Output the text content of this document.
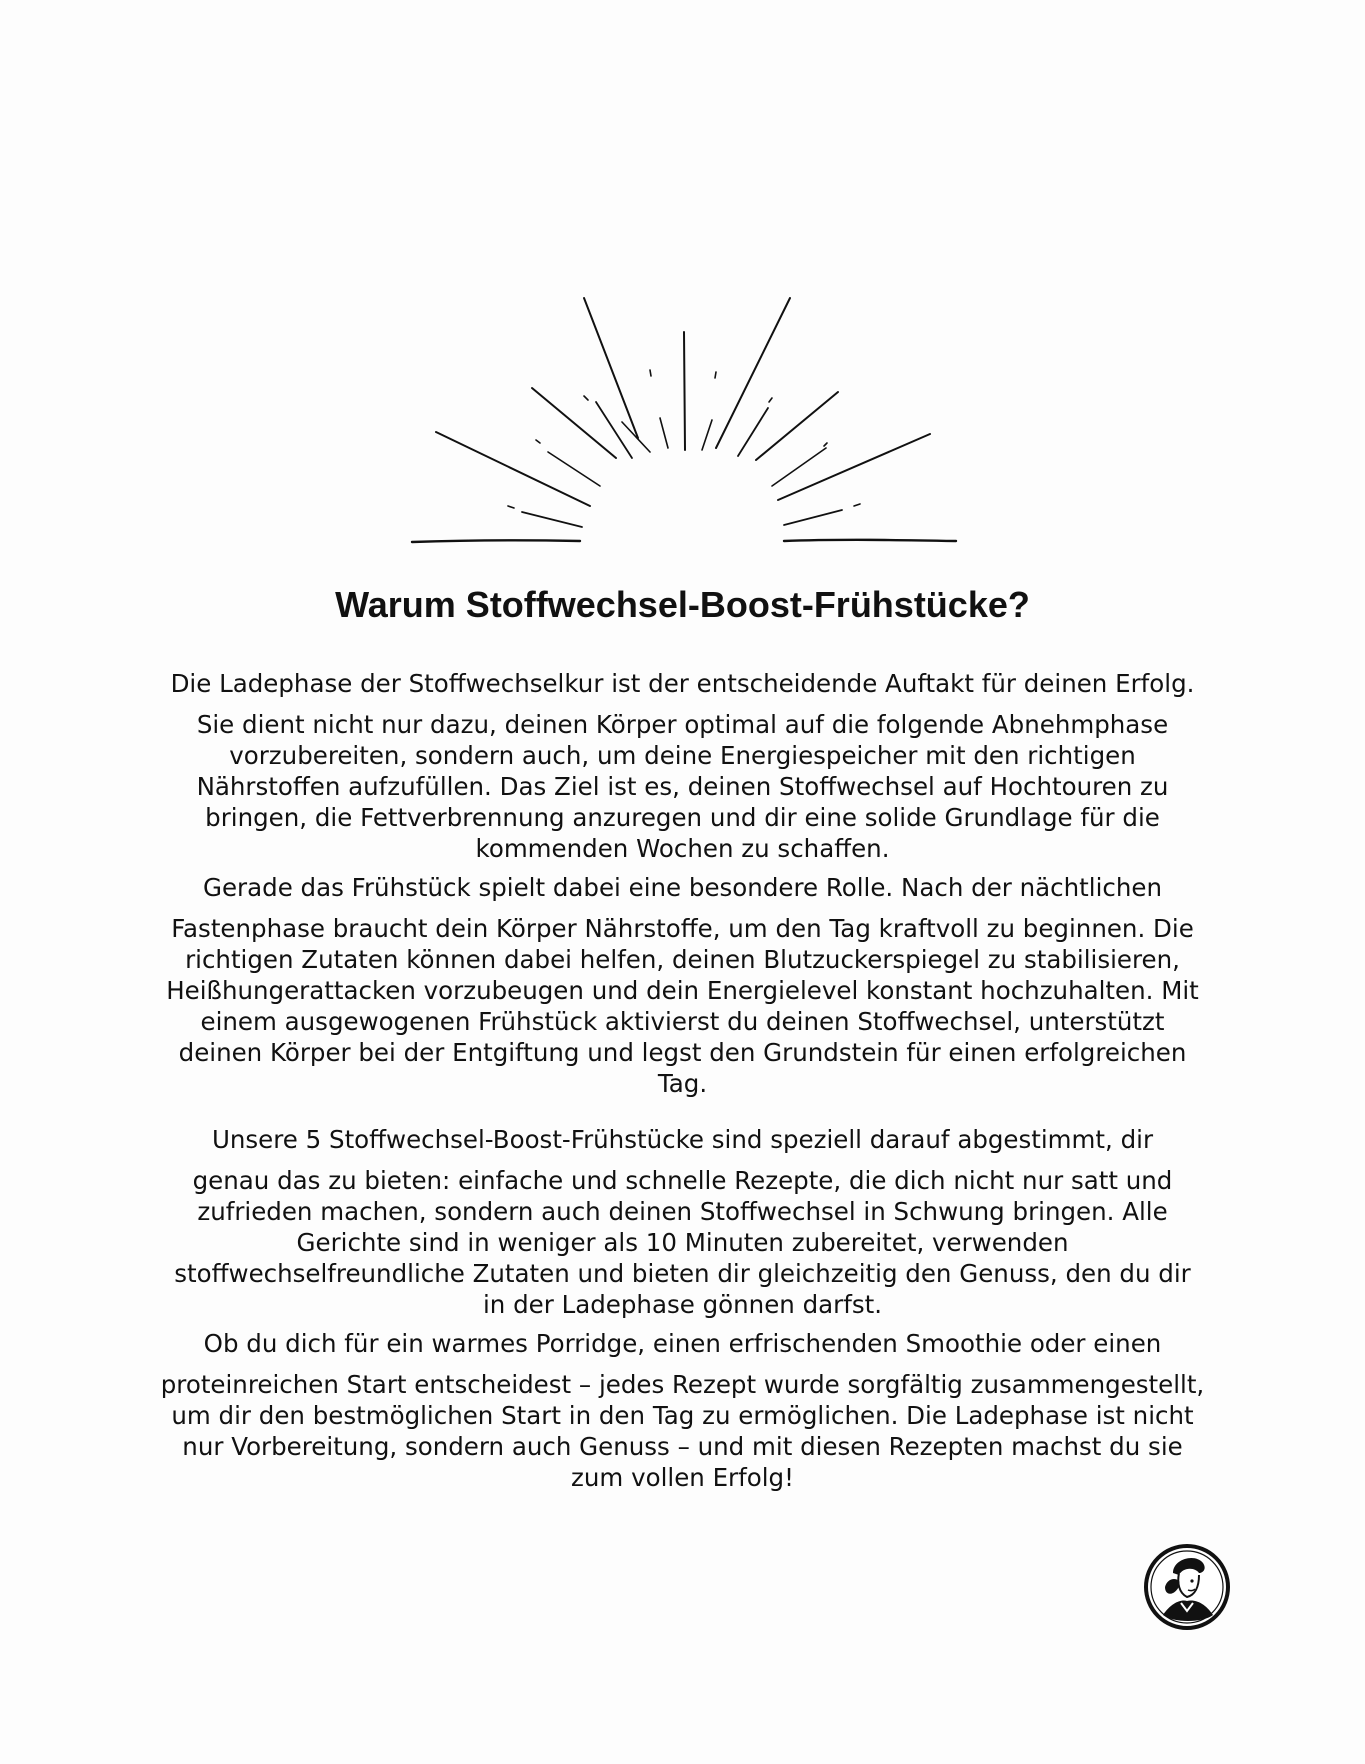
Warum Stoffwechsel-Boost-Frühstücke?

Die Ladephase der Stoffwechselkur ist der entscheidende Auftakt für deinen Erfolg.
Sie dient nicht nur dazu, deinen Körper optimal auf die folgende Abnehmphase vorzubereiten, sondern auch, um deine Energiespeicher mit den richtigen Nährstoffen aufzufüllen. Das Ziel ist es, deinen Stoffwechsel auf Hochtouren zu bringen, die Fettverbrennung anzuregen und dir eine solide Grundlage für die kommenden Wochen zu schaffen.

Gerade das Frühstück spielt dabei eine besondere Rolle. Nach der nächtlichen
Fastenphase braucht dein Körper Nährstoffe, um den Tag kraftvoll zu beginnen. Die richtigen Zutaten können dabei helfen, deinen Blutzuckerspiegel zu stabilisieren, Heißhungerattacken vorzubeugen und dein Energielevel konstant hochzuhalten. Mit einem ausgewogenen Frühstück aktivierst du deinen Stoffwechsel, unterstützt deinen Körper bei der Entgiftung und legst den Grundstein für einen erfolgreichen Tag.

Unsere 5 Stoffwechsel-Boost-Frühstücke sind speziell darauf abgestimmt, dir
genau das zu bieten: einfache und schnelle Rezepte, die dich nicht nur satt und zufrieden machen, sondern auch deinen Stoffwechsel in Schwung bringen. Alle Gerichte sind in weniger als 10 Minuten zubereitet, verwenden stoffwechselfreundliche Zutaten und bieten dir gleichzeitig den Genuss, den du dir in der Ladephase gönnen darfst.

Ob du dich für ein warmes Porridge, einen erfrischenden Smoothie oder einen
proteinreichen Start entscheidest – jedes Rezept wurde sorgfältig zusammengestellt, um dir den bestmöglichen Start in den Tag zu ermöglichen. Die Ladephase ist nicht nur Vorbereitung, sondern auch Genuss – und mit diesen Rezepten machst du sie zum vollen Erfolg!
